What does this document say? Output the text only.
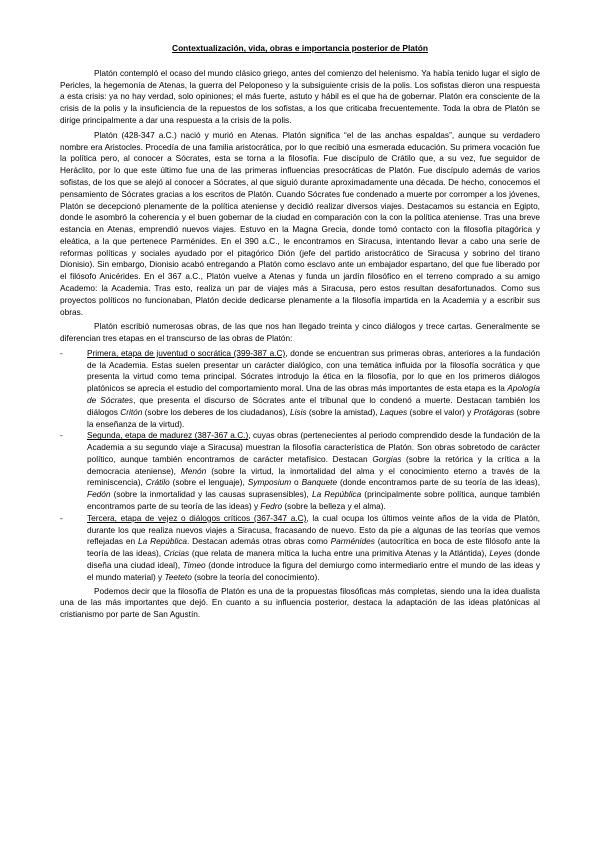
Contextualización, vida, obras e importancia posterior de Platón

Platón contempló el ocaso del mundo clásico griego, antes del comienzo del helenismo. Ya había tenido lugar el siglo de Pericles, la hegemonía de Atenas, la guerra del Peloponeso y la subsiguiente crisis de la polis. Los sofistas dieron una respuesta a esta crisis: ya no hay verdad, solo opiniones; el más fuerte, astuto y hábil es el que ha de gobernar. Platón era consciente de la crisis de la polis y la insuficiencia de la repuestos de los sofistas, a los que criticaba frecuentemente. Toda la obra de Platón se dirige principalmente a dar una respuesta a la crisis de la polis.

Platón (428-347 a.C.) nació y murió en Atenas. Platón significa “el de las anchas espaldas”, aunque su verdadero nombre era Aristocles. Procedía de una familia aristocrática, por lo que recibió una esmerada educación. Su primera vocación fue la política pero, al conocer a Sócrates, esta se torna a la filosofía. Fue discípulo de Crátilo que, a su vez, fue seguidor de Heráclito, por lo que este último fue una de las primeras influencias presocráticas de Platón. Fue discípulo además de varios sofistas, de los que se alejó al conocer a Sócrates, al que siguió durante aproximadamente una década. De hecho, conocemos el pensamiento de Sócrates gracias a los escritos de Platón. Cuando Sócrates fue condenado a muerte por corromper a los jóvenes, Platón se decepcionó plenamente de la política ateniense y decidió realizar diversos viajes. Destacamos su estancia en Egipto, donde le asombró la coherencia y el buen gobernar de la ciudad en comparación con la con la política ateniense. Tras una breve estancia en Atenas, emprendió nuevos viajes. Estuvo en la Magna Grecia, donde tomó contacto con la filosofía pitagórica y eleática, a la que pertenece Parménides. En el 390 a.C., le encontramos en Siracusa, intentando llevar a cabo una serie de reformas políticas y sociales ayudado por el pitagórico Dión (jefe del partido aristocrático de Siracusa y sobrino del tirano Dionisio). Sin embargo, Dionisio acabó entregando a Platón como esclavo ante un embajador espartano, del que fue liberado por el filósofo Anicérides. En el 367 a.C., Platón vuelve a Atenas y funda un jardín filosófico en el terreno comprado a su amigo Academo: la Academia. Tras esto, realiza un par de viajes más a Siracusa, pero estos resultan desafortunados. Como sus proyectos políticos no funcionaban, Platón decide dedicarse plenamente a la filosofía impartida en la Academia y a escribir sus obras.

Platón escribió numerosas obras, de las que nos han llegado treinta y cinco diálogos y trece cartas. Generalmente se diferencian tres etapas en el transcurso de las obras de Platón:

-	Primera, etapa de juventud o socrática (399-387 a.C), donde se encuentran sus primeras obras, anteriores a la fundación de la Academia. Estas suelen presentar un carácter dialógico, con una temática influida por la filosofía socrática y que presenta la virtud como tema principal. Sócrates introdujo la ética en la filosofía, por lo que en los primeros diálogos platónicos se aprecia el estudio del comportamiento moral. Una de las obras más importantes de esta etapa es la Apología de Sócrates, que presenta el discurso de Sócrates ante el tribunal que lo condenó a muerte. Destacan también los diálogos Critón (sobre los deberes de los ciudadanos), Lisis (sobre la amistad), Laques (sobre el valor) y Protágoras (sobre la enseñanza de la virtud).
-	Segunda, etapa de madurez (387-367 a.C.), cuyas obras (pertenecientes al periodo comprendido desde la fundación de la Academia a su segundo viaje a Siracusa) muestran la filosofía característica de Platón. Son obras sobretodo de carácter político, aunque también encontramos de carácter metafísico. Destacan Gorgias (sobre la retórica y la crítica a la democracia ateniense), Menón (sobre la virtud, la inmortalidad del alma y el conocimiento eterno a través de la reminiscencia), Crátilo (sobre el lenguaje), Symposium o Banquete (donde encontramos parte de su teoría de las ideas), Fedón (sobre la inmortalidad y las causas suprasensibles), La República (principalmente sobre política, aunque también encontramos parte de su teoría de las ideas) y Fedro (sobre la belleza y el alma).
-	Tercera, etapa de vejez o diálogos críticos (367-347 a.C), la cual ocupa los últimos veinte años de la vida de Platón, durante los que realiza nuevos viajes a Siracusa, fracasando de nuevo. Esto da pie a algunas de las teorías que vemos reflejadas en La República. Destacan además otras obras como Parménides (autocrítica en boca de este filósofo ante la teoría de las ideas), Cricias (que relata de manera mítica la lucha entre una primitiva Atenas y la Atlántida), Leyes (donde diseña una ciudad ideal), Timeo (donde introduce la figura del demiurgo como intermediario entre el mundo de las ideas y el mundo material) y Teeteto (sobre la teoría del conocimiento).

Podemos decir que la filosofía de Platón es una de la propuestas filosóficas más completas, siendo una la idea dualista una de las más importantes que dejó. En cuanto a su influencia posterior, destaca la adaptación de las ideas platónicas al cristianismo por parte de San Agustín.
